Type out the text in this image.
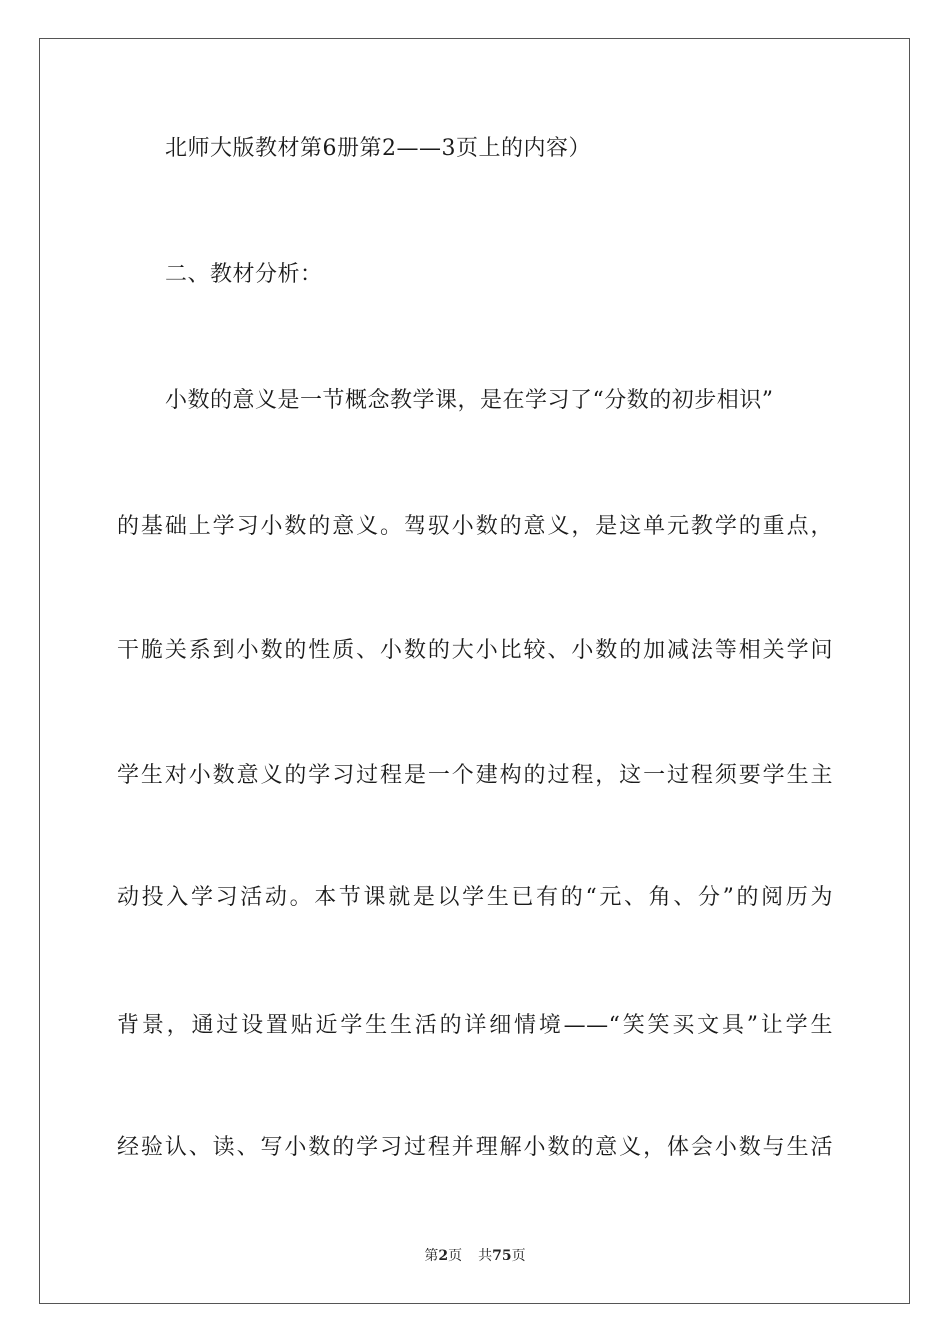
北师大版教材第6册第2——3页上的内容）
二、教材分析：
小数的意义是一节概念教学课，是在学习了“分数的初步相识”
的基础上学习小数的意义。驾驭小数的意义，是这单元教学的重点，
干脆关系到小数的性质、小数的大小比较、小数的加减法等相关学问
学生对小数意义的学习过程是一个建构的过程，这一过程须要学生主
动投入学习活动。本节课就是以学生已有的“元、角、分”的阅历为
背景，通过设置贴近学生生活的详细情境——“笑笑买文具”让学生
经验认、读、写小数的学习过程并理解小数的意义，体会小数与生活
第2页 共75页
